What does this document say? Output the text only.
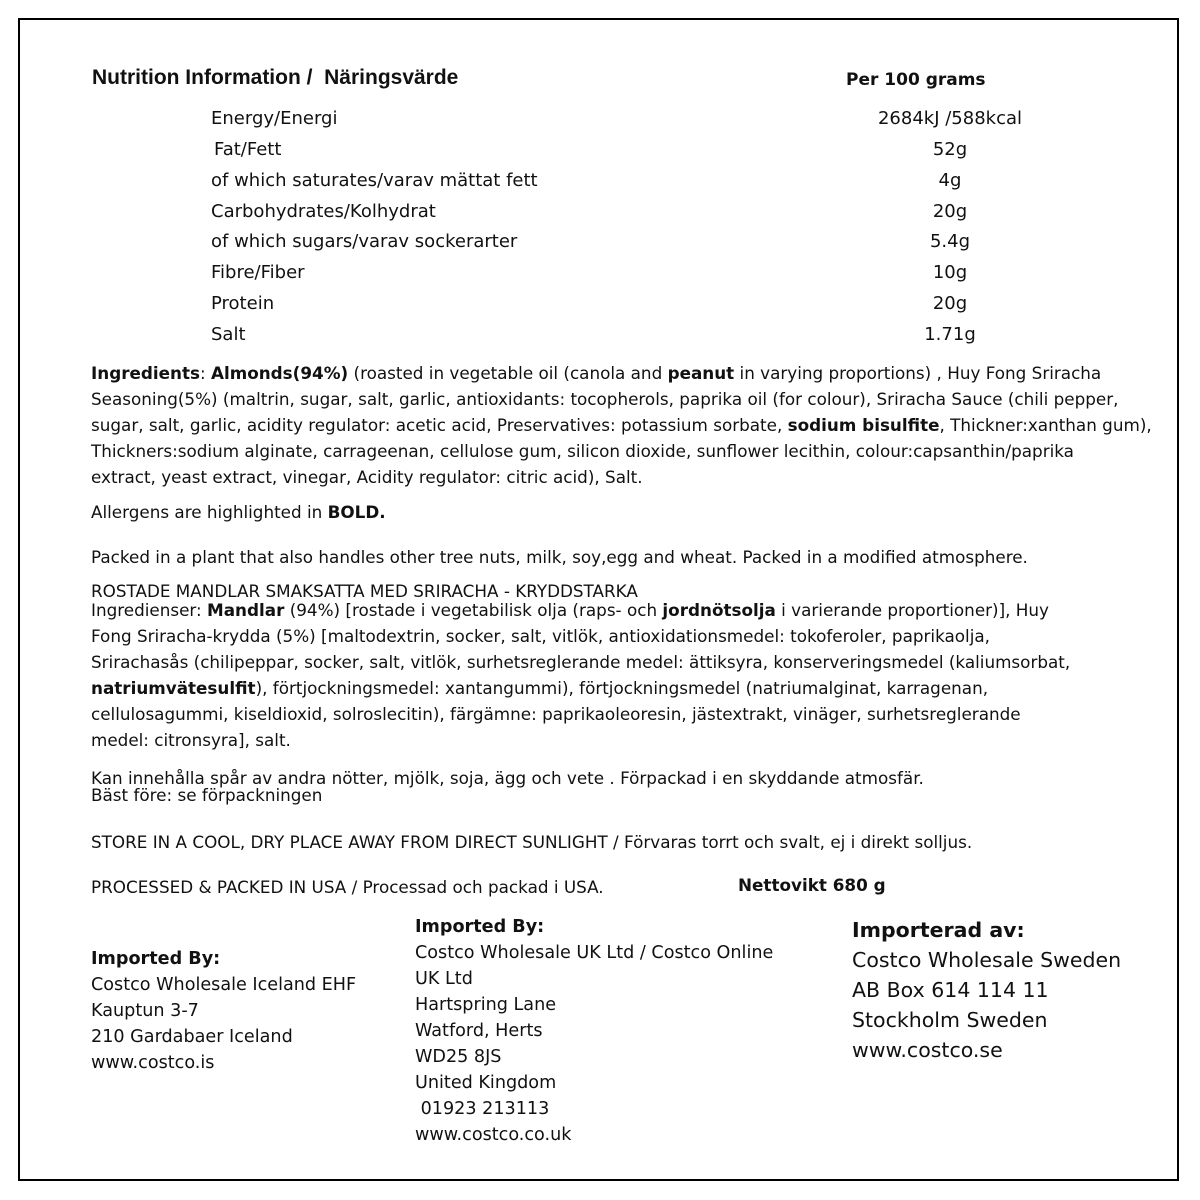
Nutrition Information /  Näringsvärde	Per 100 grams
Energy/Energi	2684kJ /588kcal
Fat/Fett	52g
of which saturates/varav mättat fett	4g
Carbohydrates/Kolhydrat	20g
of which sugars/varav sockerarter	5.4g
Fibre/Fiber	10g
Protein	20g
Salt	1.71g
Ingredients: Almonds(94%) (roasted in vegetable oil (canola and peanut in varying proportions) , Huy Fong Sriracha
Seasoning(5%) (maltrin, sugar, salt, garlic, antioxidants: tocopherols, paprika oil (for colour), Sriracha Sauce (chili pepper,
sugar, salt, garlic, acidity regulator: acetic acid, Preservatives: potassium sorbate, sodium bisulfite, Thickner:xanthan gum),
Thickners:sodium alginate, carrageenan, cellulose gum, silicon dioxide, sunflower lecithin, colour:capsanthin/paprika
extract, yeast extract, vinegar, Acidity regulator: citric acid), Salt.
Allergens are highlighted in BOLD.
Packed in a plant that also handles other tree nuts, milk, soy,egg and wheat. Packed in a modified atmosphere.
ROSTADE MANDLAR SMAKSATTA MED SRIRACHA - KRYDDSTARKA
Ingredienser: Mandlar (94%) [rostade i vegetabilisk olja (raps- och jordnötsolja i varierande proportioner)], Huy
Fong Sriracha-krydda (5%) [maltodextrin, socker, salt, vitlök, antioxidationsmedel: tokoferoler, paprikaolja,
Srirachasås (chilipeppar, socker, salt, vitlök, surhetsreglerande medel: ättiksyra, konserveringsmedel (kaliumsorbat,
natriumvätesulfit), förtjockningsmedel: xantangummi), förtjockningsmedel (natriumalginat, karragenan,
cellulosagummi, kiseldioxid, solroslecitin), färgämne: paprikaoleoresin, jästextrakt, vinäger, surhetsreglerande
medel: citronsyra], salt.
Kan innehålla spår av andra nötter, mjölk, soja, ägg och vete . Förpackad i en skyddande atmosfär.
Bäst före: se förpackningen
STORE IN A COOL, DRY PLACE AWAY FROM DIRECT SUNLIGHT / Förvaras torrt och svalt, ej i direkt solljus.
PROCESSED & PACKED IN USA / Processad och packad i USA.	Nettovikt 680 g
Imported By:
Costco Wholesale Iceland EHF
Kauptun 3-7
210 Gardabaer Iceland
www.costco.is
Imported By:
Costco Wholesale UK Ltd / Costco Online
UK Ltd
Hartspring Lane
Watford, Herts
WD25 8JS
United Kingdom
01923 213113
www.costco.co.uk
Importerad av:
Costco Wholesale Sweden
AB Box 614 114 11
Stockholm Sweden
www.costco.se
